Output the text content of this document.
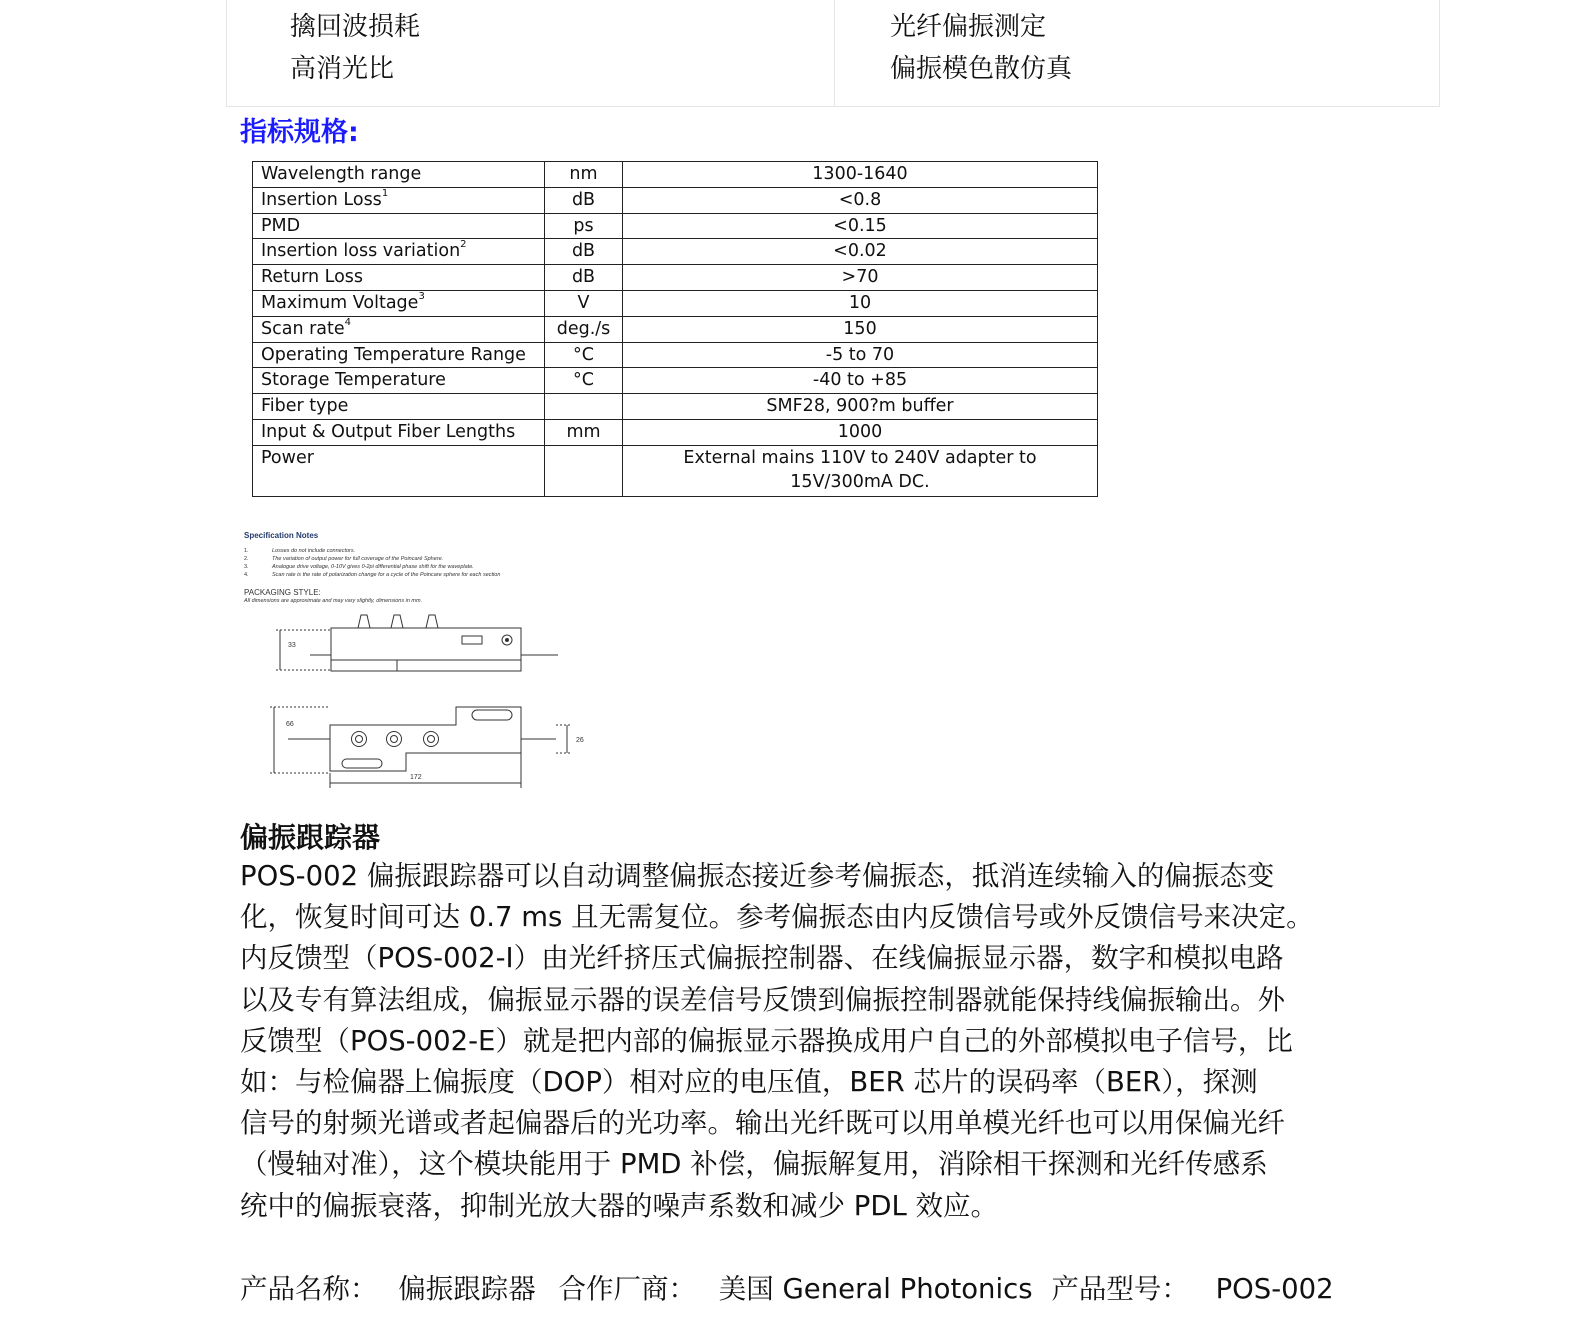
擒回波损耗
高消光比
光纤偏振测定
偏振模色散仿真
指标规格:
Wavelength range	nm	1300-1640
Insertion Loss$^1$	dB	<0.8
PMD	ps	<0.15
Insertion loss variation$^2$	dB	<0.02
Return Loss	dB	>70
Maximum Voltage$^3$	V	10
Scan rate$^4$	deg./s	150
Operating Temperature Range	°C	-5 to 70
Storage Temperature	°C	-40 to +85
Fiber type		SMF28, 900?m buffer
Input & Output Fiber Lengths	mm	1000
Power		External mains 110V to 240V adapter to 15V/300mA DC.
Specification Notes
1.	Losses do not include connectors.
2.	The variation of output power for full coverage of the Poincaré Sphere.
3.	Analogue drive voltage, 0-10V gives 0-2pi differential phase shift for the waveplate.
4.	Scan rate is the rate of polarization change for a cycle of the Poincare sphere for each section
PACKAGING STYLE:
All dimensions are approximate and may vary slightly, dimensions in mm.
33
66
172
26
偏振跟踪器
POS-002 偏振跟踪器可以自动调整偏振态接近参考偏振态，抵消连续输入的偏振态变
化，恢复时间可达 0.7 ms 且无需复位。参考偏振态由内反馈信号或外反馈信号来决定。
内反馈型（POS-002-I）由光纤挤压式偏振控制器、在线偏振显示器，数字和模拟电路
以及专有算法组成，偏振显示器的误差信号反馈到偏振控制器就能保持线偏振输出。外
反馈型（POS-002-E）就是把内部的偏振显示器换成用户自己的外部模拟电子信号，比
如：与检偏器上偏振度（DOP）相对应的电压值，BER 芯片的误码率（BER），探测
信号的射频光谱或者起偏器后的光功率。输出光纤既可以用单模光纤也可以用保偏光纤
（慢轴对准），这个模块能用于 PMD 补偿，偏振解复用，消除相干探测和光纤传感系
统中的偏振衰落，抑制光放大器的噪声系数和减少 PDL 效应。
产品名称： 偏振跟踪器 合作厂商： 美国 General Photonics 产品型号： POS-002
